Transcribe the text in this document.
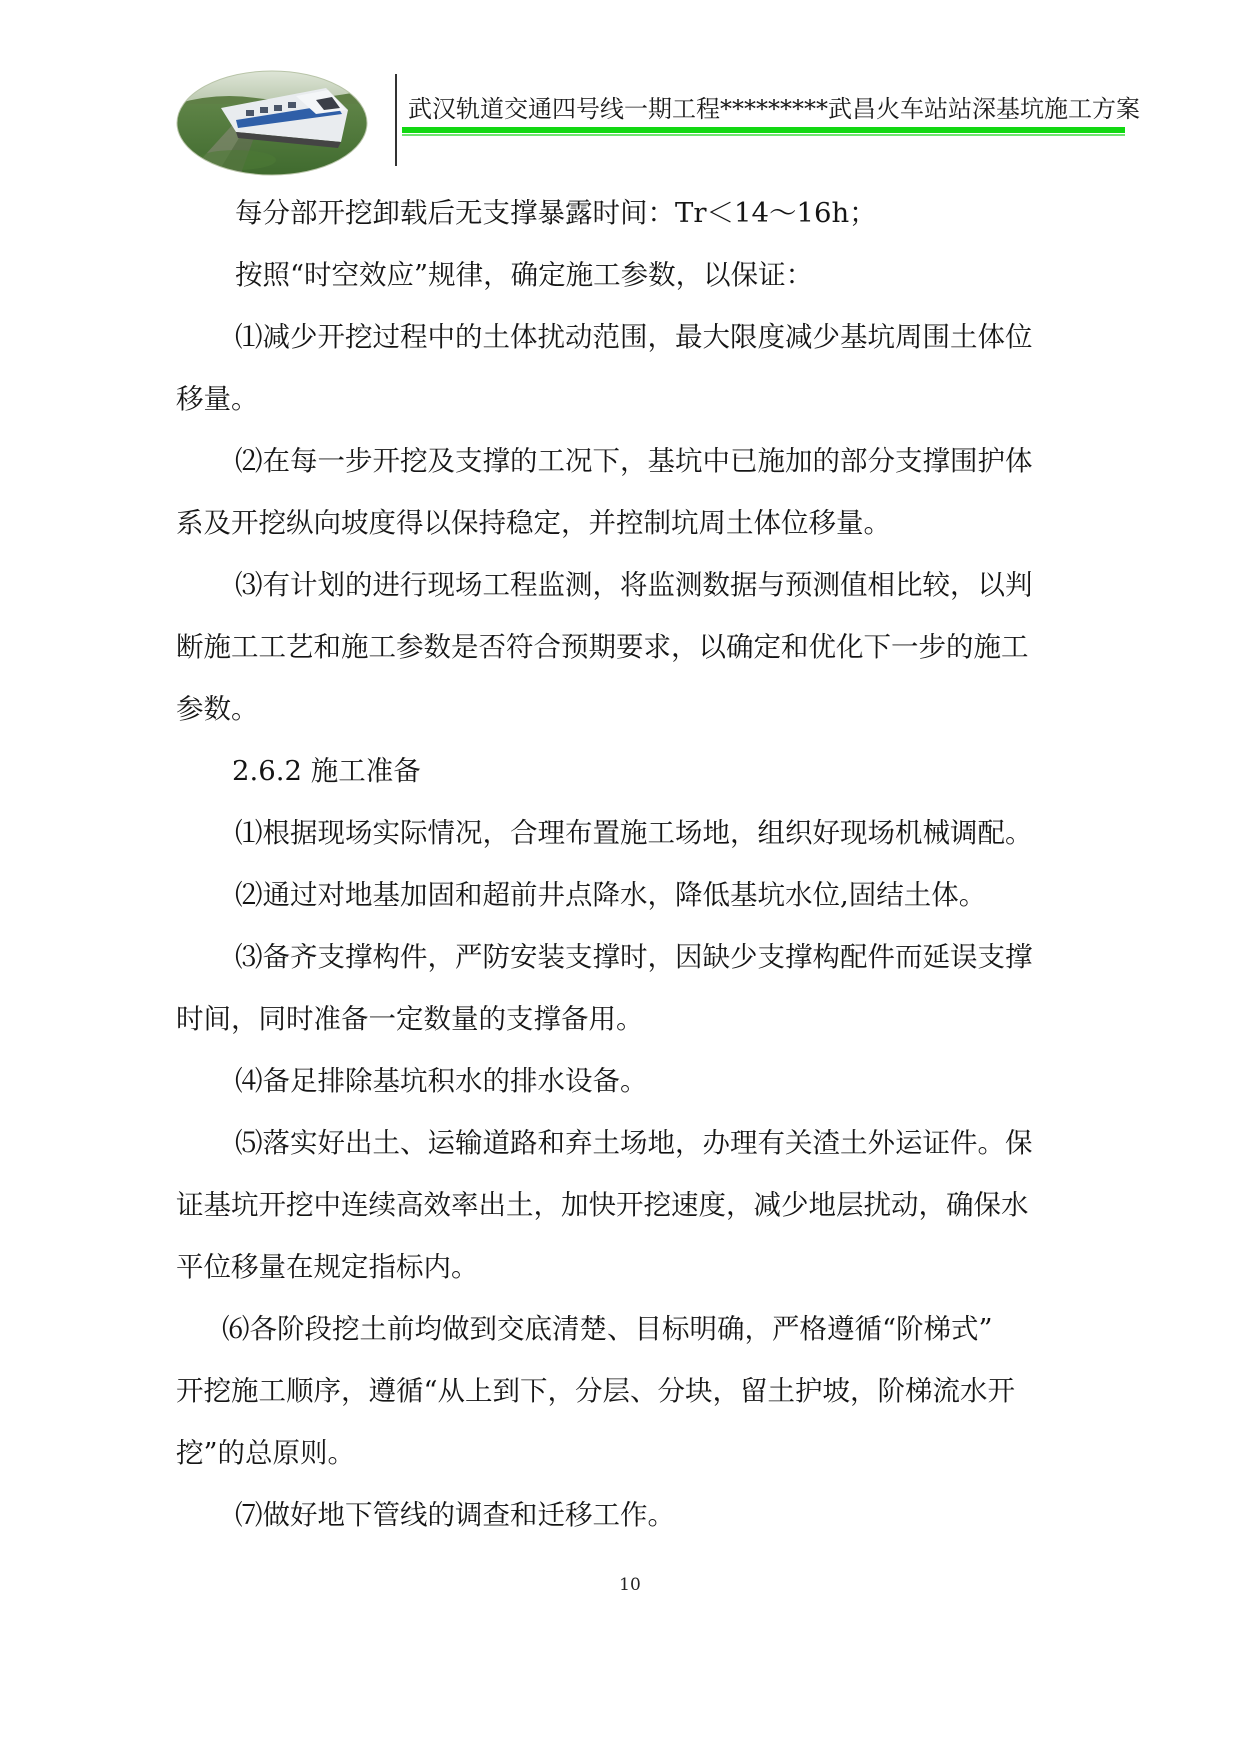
武汉轨道交通四号线一期工程*********武昌火车站站深基坑施工方案
每分部开挖卸载后无支撑暴露时间：Tr＜14～16h；
按照“时空效应”规律，确定施工参数，以保证：
⑴减少开挖过程中的土体扰动范围，最大限度减少基坑周围土体位
移量。
⑵在每一步开挖及支撑的工况下，基坑中已施加的部分支撑围护体
系及开挖纵向坡度得以保持稳定，并控制坑周土体位移量。
⑶有计划的进行现场工程监测，将监测数据与预测值相比较，以判
断施工工艺和施工参数是否符合预期要求，以确定和优化下一步的施工
参数。
2.6.2 施工准备
⑴根据现场实际情况，合理布置施工场地，组织好现场机械调配。
⑵通过对地基加固和超前井点降水，降低基坑水位,固结土体。
⑶备齐支撑构件，严防安装支撑时，因缺少支撑构配件而延误支撑
时间，同时准备一定数量的支撑备用。
⑷备足排除基坑积水的排水设备。
⑸落实好出土、运输道路和弃土场地，办理有关渣土外运证件。保
证基坑开挖中连续高效率出土，加快开挖速度，减少地层扰动，确保水
平位移量在规定指标内。
⑹各阶段挖土前均做到交底清楚、目标明确，严格遵循“阶梯式”
开挖施工顺序，遵循“从上到下，分层、分块，留土护坡，阶梯流水开
挖”的总原则。
⑺做好地下管线的调查和迁移工作。
10
